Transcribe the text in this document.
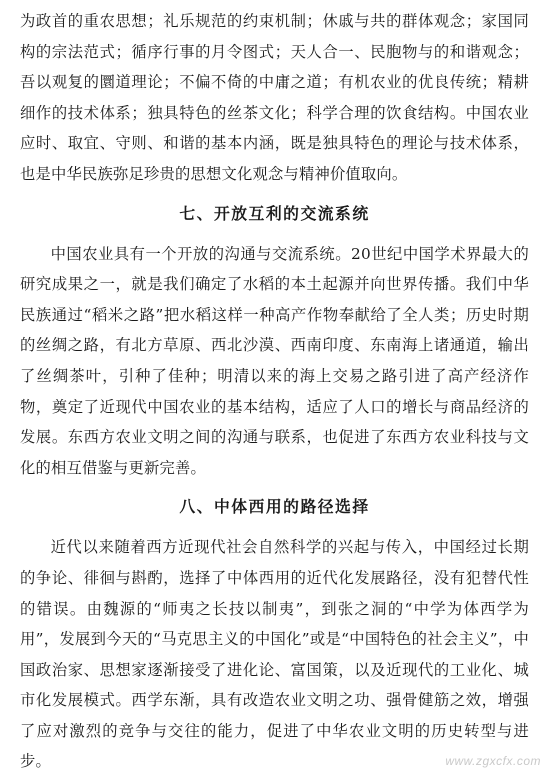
为政首的重农思想；礼乐规范的约束机制；休戚与共的群体观念；家国同构的宗法范式；循序行事的月令图式；天人合一、民胞物与的和谐观念；吾以观复的圜道理论；不偏不倚的中庸之道；有机农业的优良传统；精耕细作的技术体系；独具特色的丝茶文化；科学合理的饮食结构。中国农业应时、取宜、守则、和谐的基本内涵，既是独具特色的理论与技术体系，也是中华民族弥足珍贵的思想文化观念与精神价值取向。

七、开放互利的交流系统

中国农业具有一个开放的沟通与交流系统。20世纪中国学术界最大的研究成果之一，就是我们确定了水稻的本土起源并向世界传播。我们中华民族通过“稻米之路”把水稻这样一种高产作物奉献给了全人类；历史时期的丝绸之路，有北方草原、西北沙漠、西南印度、东南海上诸通道，输出了丝绸茶叶，引种了佳种；明清以来的海上交易之路引进了高产经济作物，奠定了近现代中国农业的基本结构，适应了人口的增长与商品经济的发展。东西方农业文明之间的沟通与联系，也促进了东西方农业科技与文化的相互借鉴与更新完善。

八、中体西用的路径选择

近代以来随着西方近现代社会自然科学的兴起与传入，中国经过长期的争论、徘徊与斟酌，选择了中体西用的近代化发展路径，没有犯替代性的错误。由魏源的“师夷之长技以制夷”，到张之洞的“中学为体西学为用”，发展到今天的“马克思主义的中国化”或是“中国特色的社会主义”，中国政治家、思想家逐渐接受了进化论、富国策，以及近现代的工业化、城市化发展模式。西学东渐，具有改造农业文明之功、强骨健筋之效，增强了应对激烈的竞争与交往的能力，促进了中华农业文明的历史转型与进步。	www.zgxcfx.com
